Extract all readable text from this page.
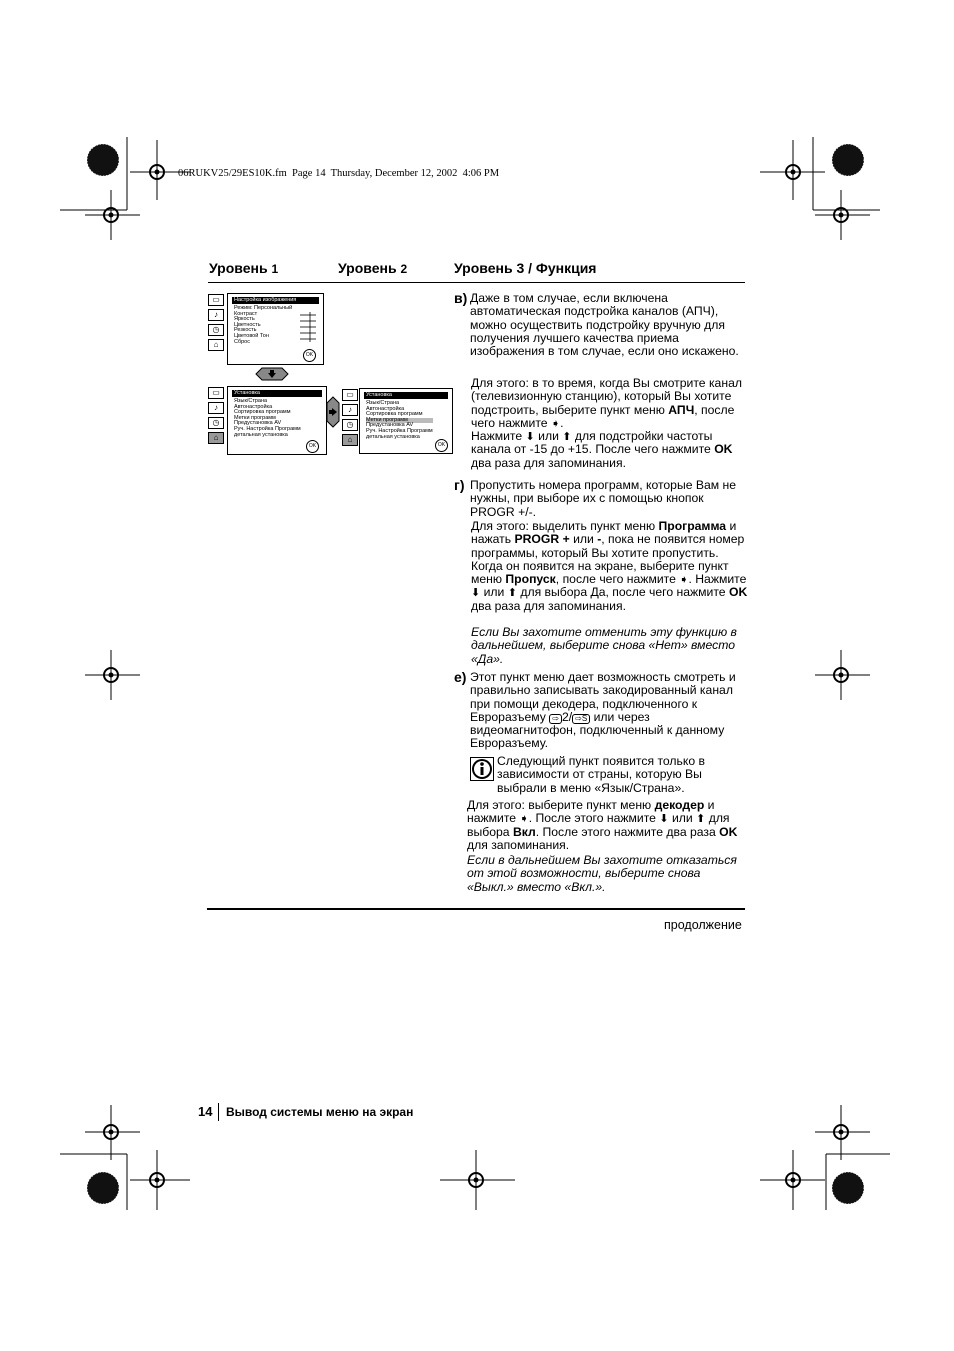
06RUKV25/29ES10K.fm  Page 14  Thursday, December 12, 2002  4:06 PM
Уровень 1	Уровень 2	Уровень 3 / Функция
▭
♪
◷
⌂
Настройка изображения
Режим: Персональный
Контраст
Яркость
Цветность
Резкость
Цветовой Тон
Сброс
OK
▭
♪
◷
⌂
Установка
Язык/Страна
Автонастройка
Сортировка программ
Метки программ
Предустановка AV
Руч. Настройка Программ
детальная установка
OK
▭
♪
◷
⌂
Установка
Язык/Страна
Автонастройка
Сортировка программ
Метки программ
Предустановка AV
Руч. Настройка Программ
детальная установка
OK
в) Даже в том случае, если включена автоматическая подстройка каналов (АПЧ), можно осуществить подстройку вручную для получения лучшего качества приема изображения в том случае, если оно искажено.

Для этого: в то время, когда Вы смотрите канал (телевизионную станцию), который Вы хотите подстроить, выберите пункт меню АПЧ, после чего нажмите ➧.

Нажмите ⬇ или ⬆ для подстройки частоты канала от -15 до +15. После чего нажмите OK два раза для запоминания.

г) Пропустить номера программ, которые Вам не нужны, при выборе их с помощью кнопок PROGR +/-.

Для этого: выделить пункт меню Программа и нажать PROGR + или -, пока не появится номер программы, который Вы хотите пропустить. Когда он появится на экране, выберите пункт меню Пропуск, после чего нажмите ➧. Нажмите ⬇ или ⬆ для выбора Да, после чего нажмите OK два раза для запоминания.

Если Вы захотите отменить эту функцию в дальнейшем, выберите снова «Нет» вместо «Да».

е) Этот пункт меню дает возможность смотреть и правильно записывать закодированный канал при помощи декодера, подключенного к Евроразъему ⇨ 2/ ⇨S или через видеомагнитофон, подключенный к данному Евроразъему.

Следующий пункт появится только в зависимости от страны, которую Вы выбрали в меню «Язык/Страна».

Для этого: выберите пункт меню декодер и нажмите ➧. После этого нажмите ⬇ или ⬆ для выбора Вкл. После этого нажмите два раза OK для запоминания.

Если в дальнейшем Вы захотите отказаться от этой возможности, выберите снова «Выкл.» вместо «Вкл.».

продолжение
14 Вывод системы меню на экран
